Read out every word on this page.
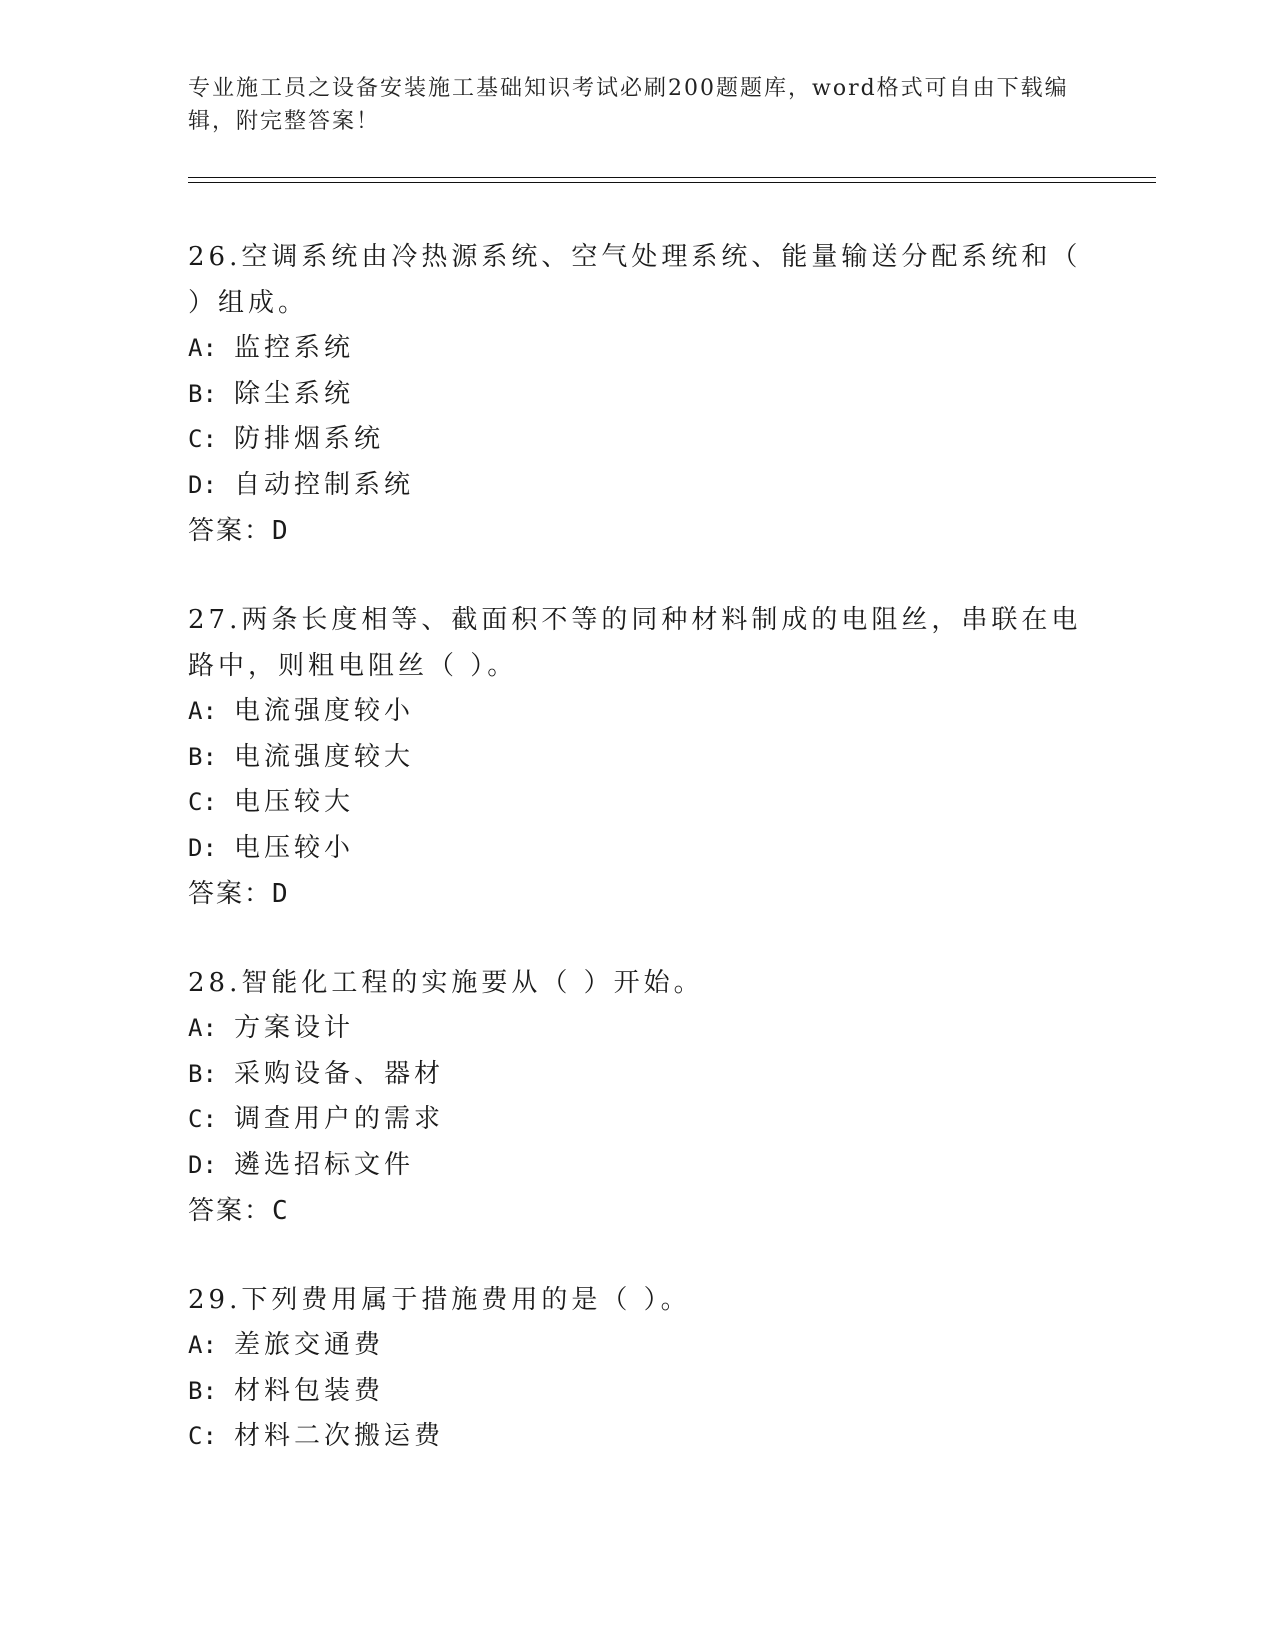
专业施工员之设备安装施工基础知识考试必刷200题题库，word格式可自由下载编辑，附完整答案！

26.空调系统由冷热源系统、空气处理系统、能量输送分配系统和（ ）组成。

A: 监控系统

B: 除尘系统

C: 防排烟系统

D: 自动控制系统

答案：D

27.两条长度相等、截面积不等的同种材料制成的电阻丝，串联在电路中，则粗电阻丝（ ）。

A: 电流强度较小

B: 电流强度较大

C: 电压较大

D: 电压较小

答案：D

28.智能化工程的实施要从（ ）开始。

A: 方案设计

B: 采购设备、器材

C: 调查用户的需求

D: 遴选招标文件

答案：C

29.下列费用属于措施费用的是（ ）。

A: 差旅交通费

B: 材料包装费

C: 材料二次搬运费
